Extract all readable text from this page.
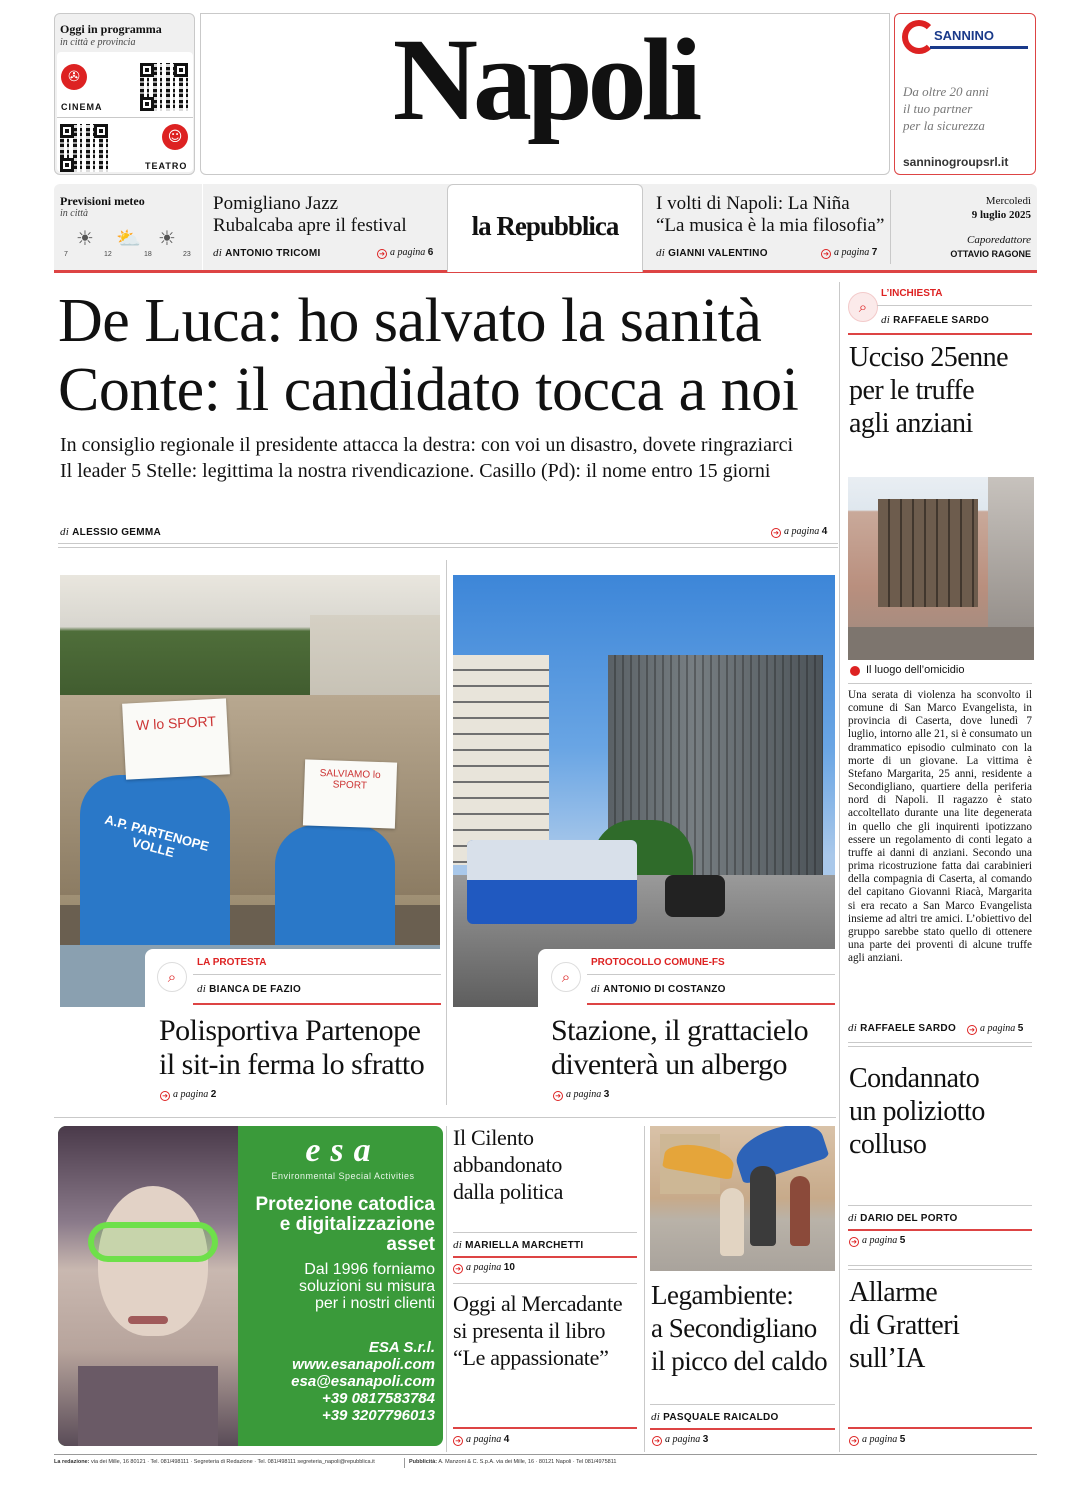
Oggi in programma
in città e provincia
✇
CINEMA
☺
TEATRO
Napoli	SANNINO
Da oltre 20 anni
il tuo partner
per la sicurezza
sanninogroupsrl.it
Previsioni meteo
in città
☀ ⛅ ☀
7	12	18	23
Pomigliano Jazz
Rubalcaba apre il festival
di ANTONIO TRICOMI	➜ a pagina 6
la Repubblica
I volti di Napoli: La Niña
“La musica è la mia filosofia”
di GIANNI VALENTINO	➜ a pagina 7
Mercoledì
9 luglio 2025
Caporedattore
OTTAVIO RAGONE
De Luca: ho salvato la sanità
Conte: il candidato tocca a noi
In consiglio regionale il presidente attacca la destra: con voi un disastro, dovete ringraziarci
Il leader 5 Stelle: legittima la nostra rivendicazione. Casillo (Pd): il nome entro 15 giorni
di ALESSIO GEMMA	➜ a pagina 4
A.P. PARTENOPE VOLLE
W lo SPORT
SALVIAMO lo SPORT
⌕
LA PROTESTA
di BIANCA DE FAZIO
Polisportiva Partenope
il sit-in ferma lo sfratto
➜ a pagina 2
⌕
PROTOCOLLO COMUNE-FS
di ANTONIO DI COSTANZO
Stazione, il grattacielo
diventerà un albergo
➜ a pagina 3
⌕
L’INCHIESTA
di RAFFAELE SARDO
Ucciso 25enne
per le truffe
agli anziani
Il luogo dell’omicidio
Una serata di violenza ha sconvolto il comune di San Marco Evangelista, in provincia di Caserta, dove lunedì 7 luglio, intorno alle 21, si è consumato un drammatico episodio culminato con la morte di un giovane. La vittima è Stefano Margarita, 25 anni, residente a Secondigliano, quartiere della periferia nord di Napoli. Il ragazzo è stato accoltellato durante una lite degenerata in quello che gli inquirenti ipotizzano essere un regolamento di conti legato a truffe ai danni di anziani. Secondo una prima ricostruzione fatta dai carabinieri della compagnia di Caserta, al comando del capitano Giovanni Riacà, Margarita si era recato a San Marco Evangelista insieme ad altri tre amici. L’obiettivo del gruppo sarebbe stato quello di ottenere una parte dei proventi di alcune truffe agli anziani.
di RAFFAELE SARDO ➜ a pagina 5
Condannato
un poliziotto
colluso
di DARIO DEL PORTO
➜ a pagina 5
Allarme
di Gratteri
sull’IA
➜ a pagina 5
esa
Environmental Special Activities
Protezione catodica
e digitalizzazione
asset
Dal 1996 forniamo
soluzioni su misura
per i nostri clienti
ESA S.r.l.
www.esanapoli.com
esa@esanapoli.com
+39 0817583784
+39 3207796013
Il Cilento
abbandonato
dalla politica
di MARIELLA MARCHETTI
➜ a pagina 10
Oggi al Mercadante
si presenta il libro
“Le appassionate”
➜ a pagina 4
Legambiente:
a Secondigliano
il picco del caldo
di PASQUALE RAICALDO
➜ a pagina 3
La redazione: via dei Mille, 16 80121 · Tel. 081/498111 · Segreteria di Redazione · Tel. 081/498111 segreteria_napoli@repubblica.it	Pubblicità: A. Manzoni & C. S.p.A. via dei Mille, 16 · 80121 Napoli · Tel 081/4975811
